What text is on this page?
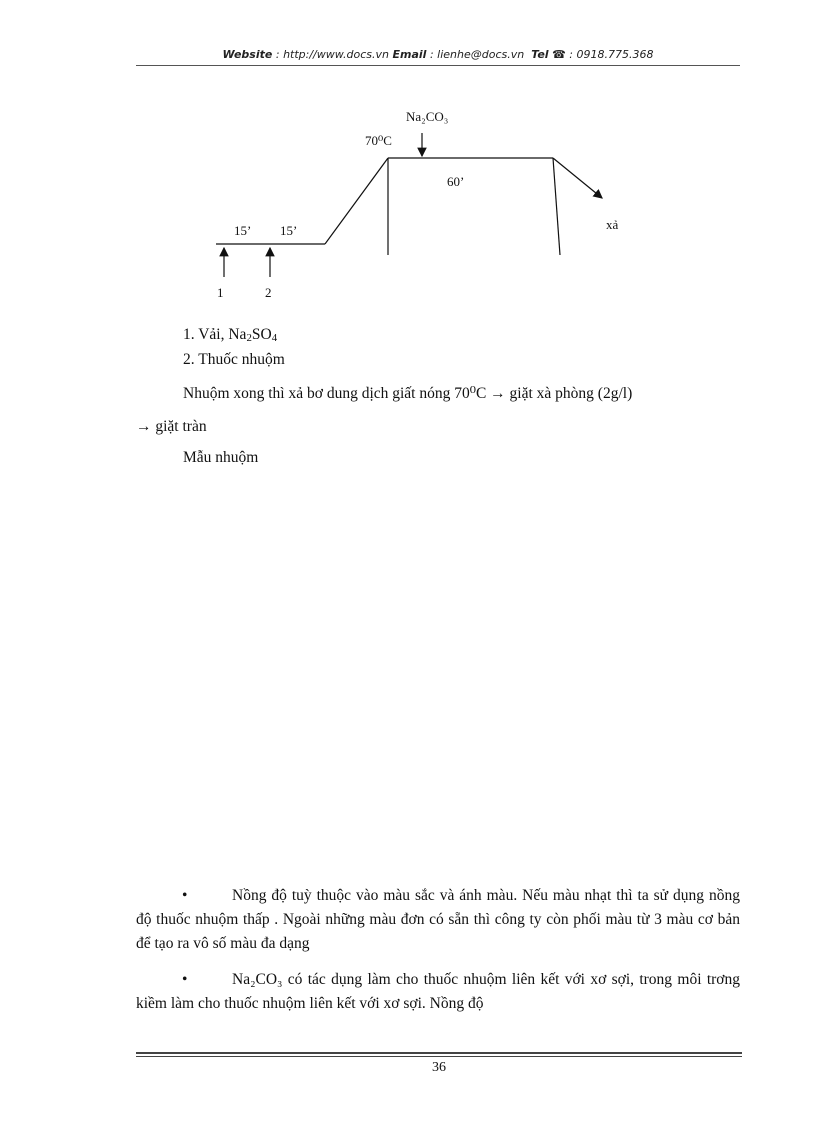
Website : http://www.docs.vn Email : lienhe@docs.vn Tel ☎ : 0918.775.368
Na₂CO₃
70⁰C
60’
15’ 15’	xả
1	2
1. Vải, $Na_2SO_4$
2. Thuốc nhuộm
Nhuộm xong thì xả bơ dung dịch giất nóng 70⁰C → giặt xà phòng (2g/l)
→ giặt tràn
Mẫu nhuộm
•	Nồng độ tuỳ thuộc vào màu sắc và ánh màu. Nếu màu nhạt thì ta sử dụng nồng độ thuốc nhuộm thấp . Ngoài những màu đơn có sẵn thì công ty còn phối màu từ 3 màu cơ bản để tạo ra vô số màu đa dạng
•	Na₂CO₃ có tác dụng làm cho thuốc nhuộm liên kết với xơ sợi, trong môi trơng kiềm làm cho thuốc nhuộm liên kết với xơ sợi. Nồng độ
36
